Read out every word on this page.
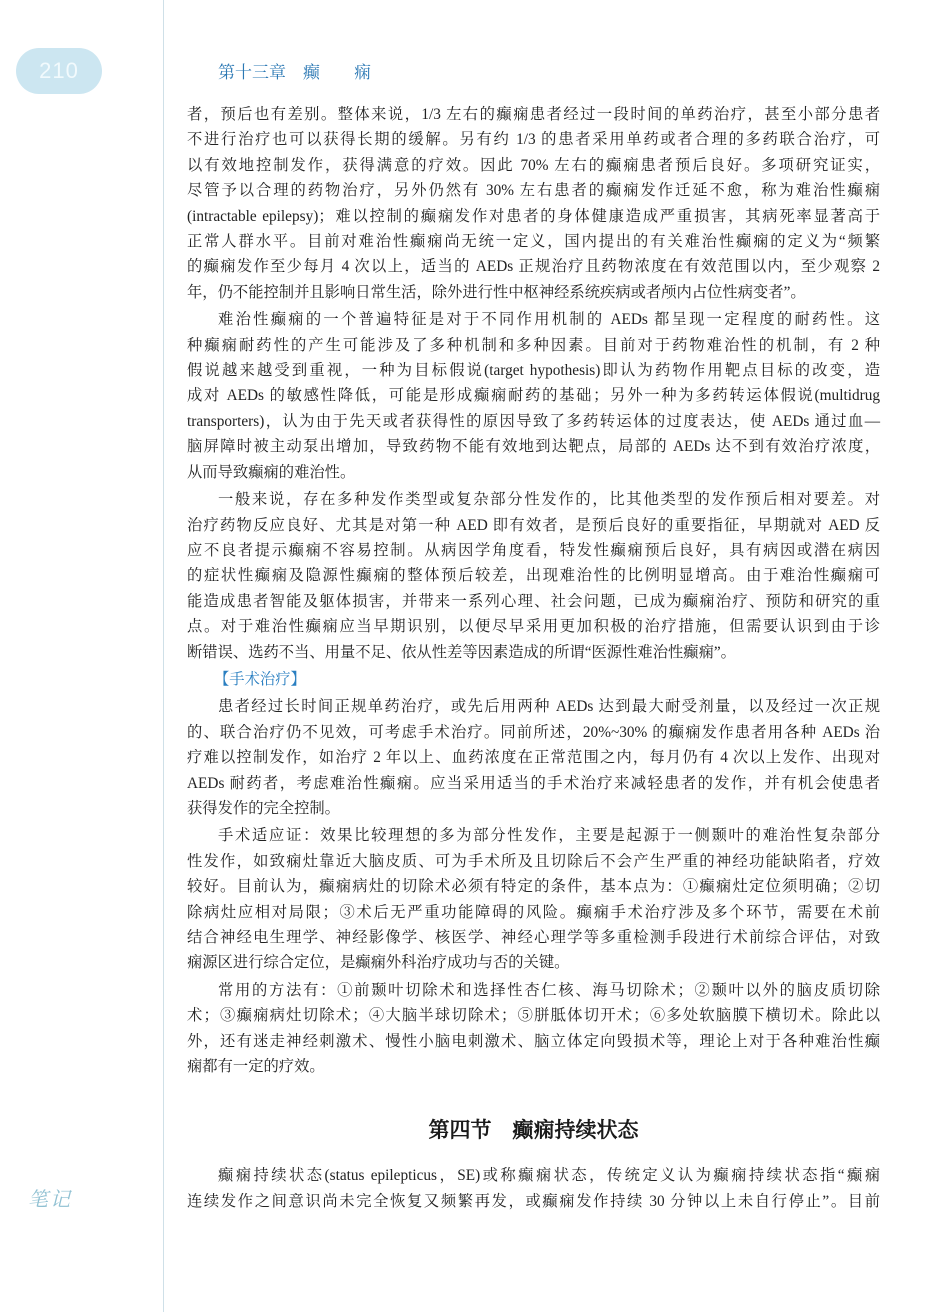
210	第十三章　癫　　痫
者，预后也有差别。整体来说，1/3 左右的癫痫患者经过一段时间的单药治疗，甚至小部分患者
不进行治疗也可以获得长期的缓解。另有约 1/3 的患者采用单药或者合理的多药联合治疗，可
以有效地控制发作，获得满意的疗效。因此 70% 左右的癫痫患者预后良好。多项研究证实，
尽管予以合理的药物治疗，另外仍然有 30% 左右患者的癫痫发作迁延不愈，称为难治性癫痫
(intractable epilepsy)；难以控制的癫痫发作对患者的身体健康造成严重损害，其病死率显著高于
正常人群水平。目前对难治性癫痫尚无统一定义，国内提出的有关难治性癫痫的定义为“频繁
的癫痫发作至少每月 4 次以上，适当的 AEDs 正规治疗且药物浓度在有效范围以内，至少观察 2
年，仍不能控制并且影响日常生活，除外进行性中枢神经系统疾病或者颅内占位性病变者”。
难治性癫痫的一个普遍特征是对于不同作用机制的 AEDs 都呈现一定程度的耐药性。这
种癫痫耐药性的产生可能涉及了多种机制和多种因素。目前对于药物难治性的机制，有 2 种
假说越来越受到重视，一种为目标假说(target hypothesis)即认为药物作用靶点目标的改变，造
成对 AEDs 的敏感性降低，可能是形成癫痫耐药的基础；另外一种为多药转运体假说(multidrug
transporters)，认为由于先天或者获得性的原因导致了多药转运体的过度表达，使 AEDs 通过血—
脑屏障时被主动泵出增加，导致药物不能有效地到达靶点，局部的 AEDs 达不到有效治疗浓度，
从而导致癫痫的难治性。
一般来说，存在多种发作类型或复杂部分性发作的，比其他类型的发作预后相对要差。对
治疗药物反应良好、尤其是对第一种 AED 即有效者，是预后良好的重要指征，早期就对 AED 反
应不良者提示癫痫不容易控制。从病因学角度看，特发性癫痫预后良好，具有病因或潜在病因
的症状性癫痫及隐源性癫痫的整体预后较差，出现难治性的比例明显增高。由于难治性癫痫可
能造成患者智能及躯体损害，并带来一系列心理、社会问题，已成为癫痫治疗、预防和研究的重
点。对于难治性癫痫应当早期识别，以便尽早采用更加积极的治疗措施，但需要认识到由于诊
断错误、选药不当、用量不足、依从性差等因素造成的所谓“医源性难治性癫痫”。
【手术治疗】
患者经过长时间正规单药治疗，或先后用两种 AEDs 达到最大耐受剂量，以及经过一次正规
的、联合治疗仍不见效，可考虑手术治疗。同前所述，20%~30% 的癫痫发作患者用各种 AEDs 治
疗难以控制发作，如治疗 2 年以上、血药浓度在正常范围之内，每月仍有 4 次以上发作、出现对
AEDs 耐药者，考虑难治性癫痫。应当采用适当的手术治疗来减轻患者的发作，并有机会使患者
获得发作的完全控制。
手术适应证：效果比较理想的多为部分性发作，主要是起源于一侧颞叶的难治性复杂部分
性发作，如致痫灶靠近大脑皮质、可为手术所及且切除后不会产生严重的神经功能缺陷者，疗效
较好。目前认为，癫痫病灶的切除术必须有特定的条件，基本点为：①癫痫灶定位须明确；②切
除病灶应相对局限；③术后无严重功能障碍的风险。癫痫手术治疗涉及多个环节，需要在术前
结合神经电生理学、神经影像学、核医学、神经心理学等多重检测手段进行术前综合评估，对致
痫源区进行综合定位，是癫痫外科治疗成功与否的关键。
常用的方法有：①前颞叶切除术和选择性杏仁核、海马切除术；②颞叶以外的脑皮质切除
术；③癫痫病灶切除术；④大脑半球切除术；⑤胼胝体切开术；⑥多处软脑膜下横切术。除此以
外，还有迷走神经刺激术、慢性小脑电刺激术、脑立体定向毁损术等，理论上对于各种难治性癫
痫都有一定的疗效。
第四节　癫痫持续状态
癫痫持续状态(status epilepticus，SE)或称癫痫状态，传统定义认为癫痫持续状态指“癫痫
连续发作之间意识尚未完全恢复又频繁再发，或癫痫发作持续 30 分钟以上未自行停止”。目前
笔记
